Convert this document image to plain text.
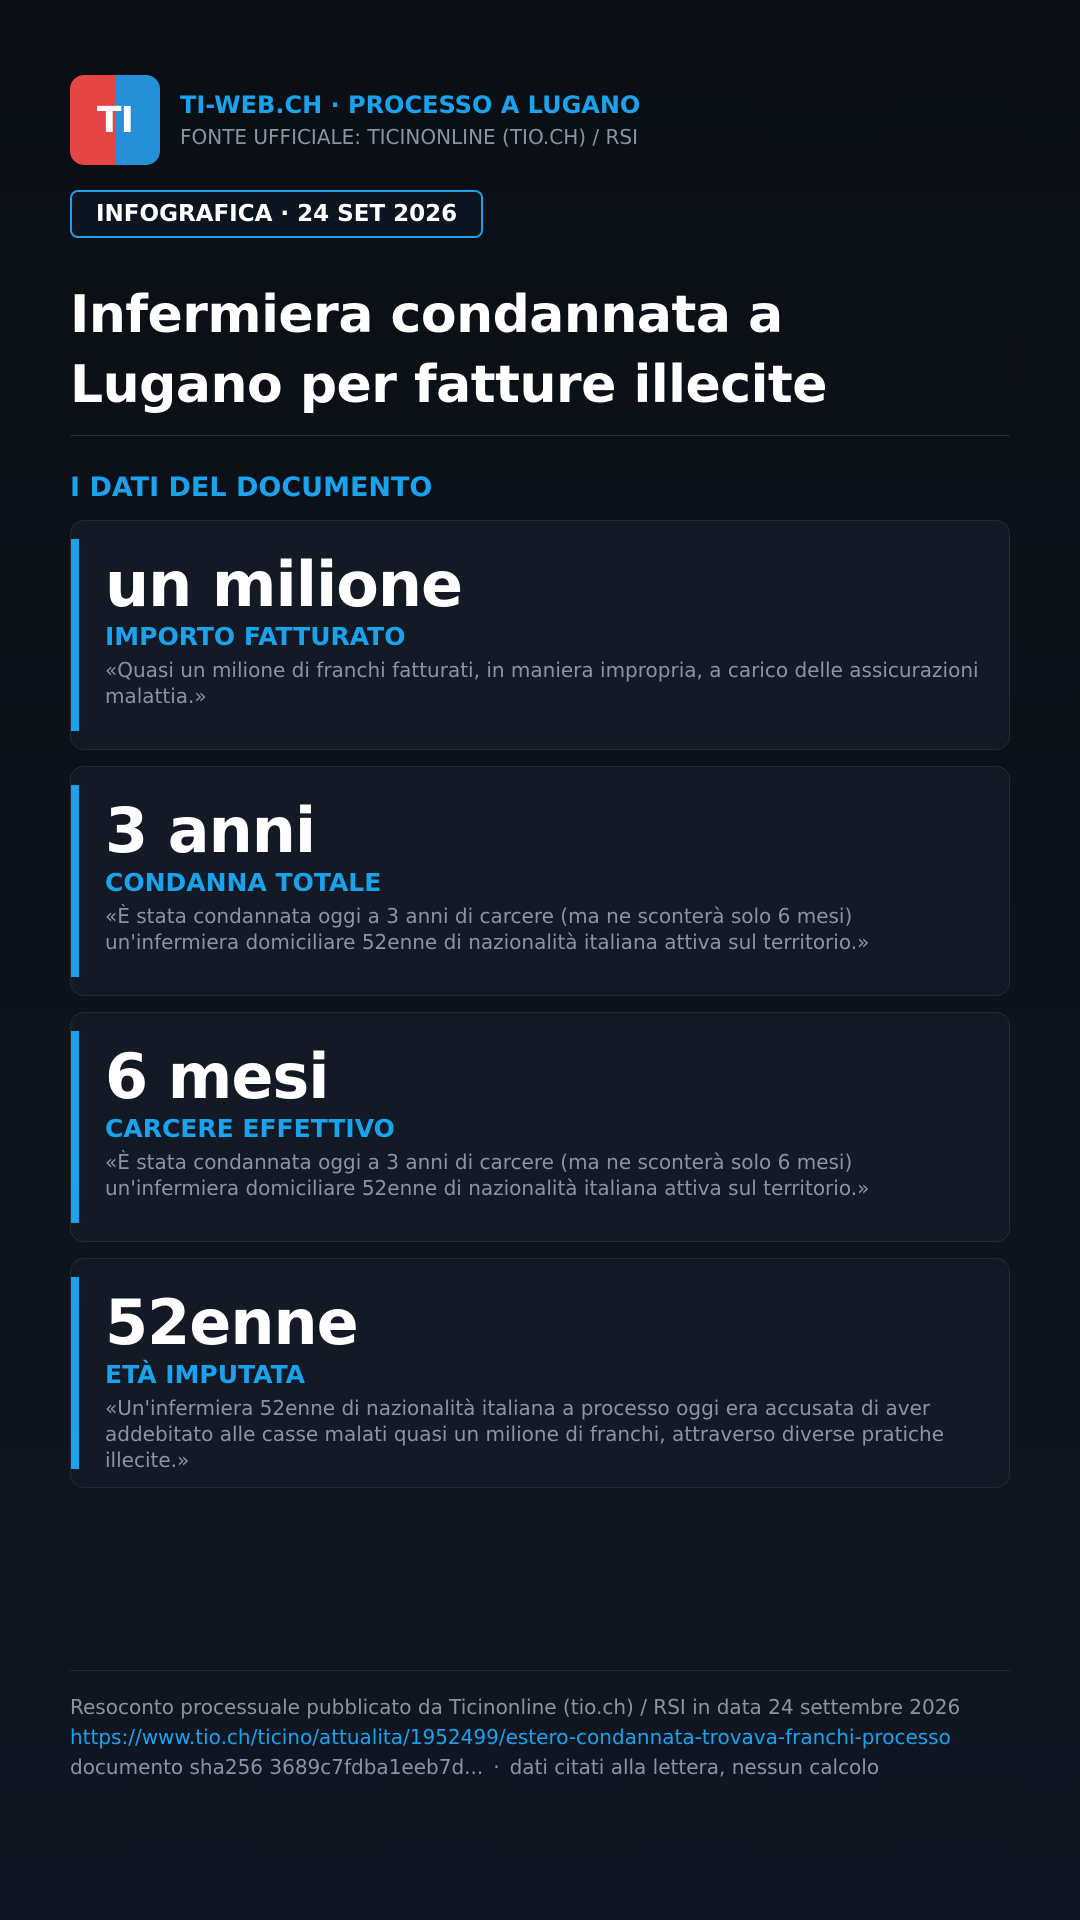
TI TI-WEB.CH · PROCESSO A LUGANO
FONTE UFFICIALE: TICINONLINE (TIO.CH) / RSI
INFOGRAFICA · 24 SET 2026
Infermiera condannata a Lugano per fatture illecite
I DATI DEL DOCUMENTO
un milione
IMPORTO FATTURATO
«Quasi un milione di franchi fatturati, in maniera impropria, a carico delle assicurazioni malattia.»
3 anni
CONDANNA TOTALE
«È stata condannata oggi a 3 anni di carcere (ma ne sconterà solo 6 mesi) un'infermiera domiciliare 52enne di nazionalità italiana attiva sul territorio.»
6 mesi
CARCERE EFFETTIVO
«È stata condannata oggi a 3 anni di carcere (ma ne sconterà solo 6 mesi) un'infermiera domiciliare 52enne di nazionalità italiana attiva sul territorio.»
52enne
ETÀ IMPUTATA
«Un'infermiera 52enne di nazionalità italiana a processo oggi era accusata di aver addebitato alle casse malati quasi un milione di franchi, attraverso diverse pratiche illecite.»
Resoconto processuale pubblicato da Ticinonline (tio.ch) / RSI in data 24 settembre 2026
https://www.tio.ch/ticino/attualita/1952499/estero-condannata-trovava-franchi-processo
documento sha256 3689c7fdba1eeb7d... · dati citati alla lettera, nessun calcolo
